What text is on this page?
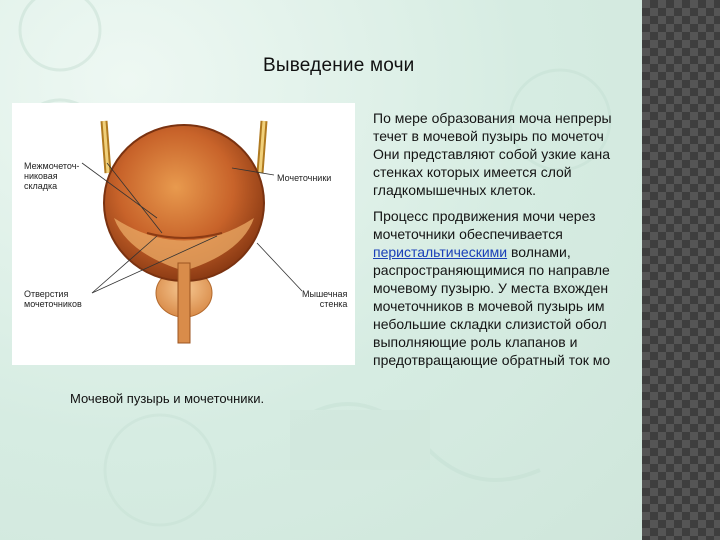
Выведение мочи
Межмочеточ-
никовая
складка
Мочеточники
Отверстия
мочеточников
Мышечная
стенка
Мочевой пузырь и мочеточники.

По мере образования моча непреры

течет в мочевой пузырь по мочеточ

Они представляют собой узкие кана

стенках которых имеется слой

гладкомышечных клеток.

Процесс продвижения мочи через

мочеточники обеспечивается

перистальтическими волнами,

распространяющимися по направле

мочевому пузырю. У места вхожден

мочеточников в мочевой пузырь им

небольшие складки слизистой обол

выполняющие роль клапанов и

предотвращающие обратный ток мо
